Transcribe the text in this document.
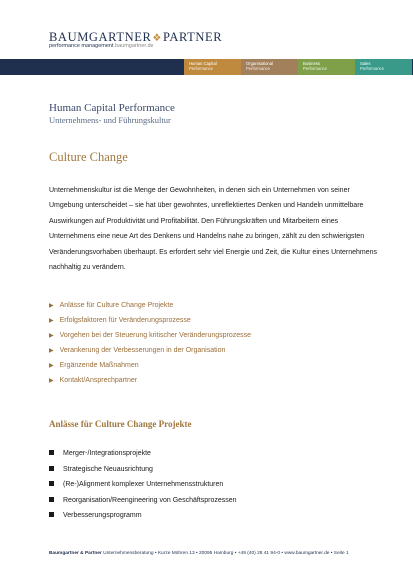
BAUMGARTNER❖PARTNER
performance management baumgartner.de
Human Capital
Performance
Organisational
Performance
Business
Performance
Sales
Performance
Human Capital Performance
Unternehmens- und Führungskultur
Culture Change

Unternehmenskultur ist die Menge der Gewohnheiten, in denen sich ein Unternehmen von seiner Umgebung unterscheidet – sie hat über gewohntes, unreflektiertes Denken und Handeln unmittelbare Auswirkungen auf Produktivität und Profitabilität. Den Führungskräften und Mitarbeitern eines Unternehmens eine neue Art des Denkens und Handelns nahe zu bringen, zählt zu den schwierigsten Veränderungsvorhaben überhaupt. Es erfordert sehr viel Energie und Zeit, die Kultur eines Unternehmens nachhaltig zu verändern.

▶ Anlässe für Culture Change Projekte
▶ Erfolgsfaktoren für Veränderungsprozesse
▶ Vorgehen bei der Steuerung kritischer Veränderungsprozesse
▶ Verankerung der Verbesserungen in der Organisation
▶ Ergänzende Maßnahmen
▶ Kontakt/Ansprechpartner
Anlässe für Culture Change Projekte
Merger-/Integrationsprojekte
Strategische Neuausrichtung
(Re-)Alignment komplexer Unternehmensstrukturen
Reorganisation/Reengineering von Geschäftsprozessen
Verbesserungsprogramm
Baumgartner & Partner Unternehmensberatung • Kurze Mühren 13 • 20095 Hamburg • +49 (40) 28 41 94-0 • www.baumgartner.de • Seite 1
